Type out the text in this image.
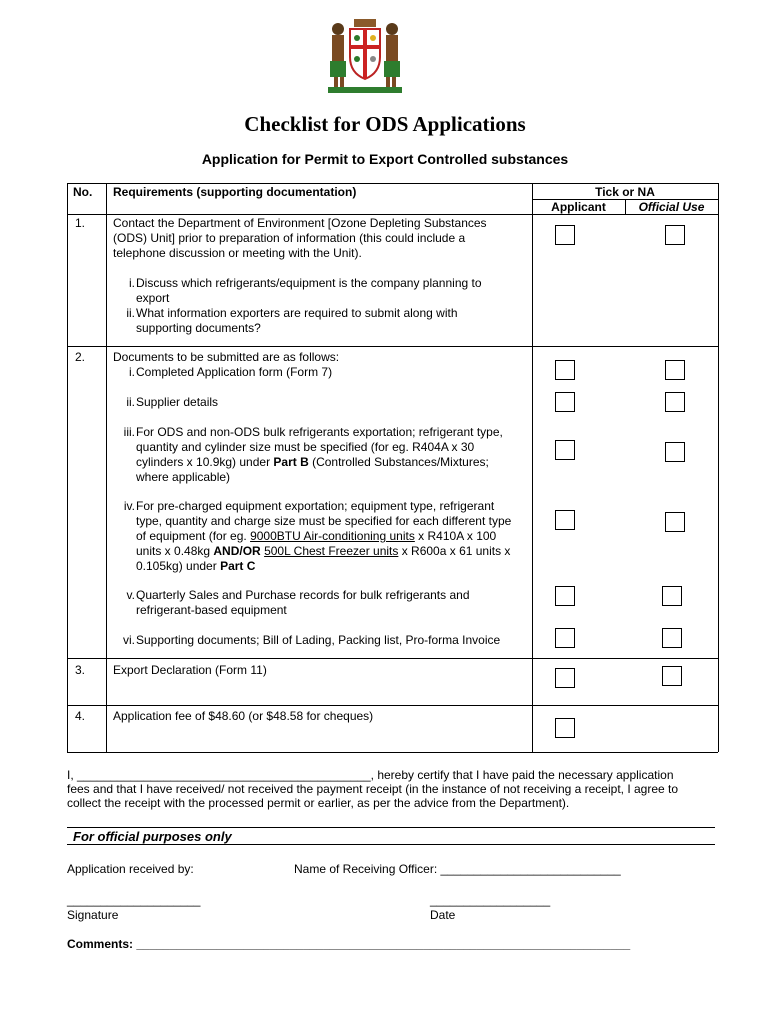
Checklist for ODS Applications
Application for Permit to Export Controlled substances
No. Requirements (supporting documentation)	Tick or NA
Applicant	Official Use
1. Contact the Department of Environment [Ozone Depleting Substances (ODS) Unit] prior to preparation of information (this could include a telephone discussion or meeting with the Unit).
i. Discuss which refrigerants/equipment is the company planning to export
ii. What information exporters are required to submit along with supporting documents?
2. Documents to be submitted are as follows:
i. Completed Application form (Form 7)
ii. Supplier details
iii. For ODS and non-ODS bulk refrigerants exportation; refrigerant type, quantity and cylinder size must be specified (for eg. R404A x 30 cylinders x 10.9kg) under Part B (Controlled Substances/Mixtures; where applicable)
iv. For pre-charged equipment exportation; equipment type, refrigerant type, quantity and charge size must be specified for each different type of equipment (for eg. 9000BTU Air-conditioning units x R410A x 100 units x 0.48kg AND/OR 500L Chest Freezer units x R600a x 61 units x 0.105kg) under Part C
v. Quarterly Sales and Purchase records for bulk refrigerants and refrigerant-based equipment
vi. Supporting documents; Bill of Lading, Packing list, Pro-forma Invoice
3. Export Declaration (Form 11)
4. Application fee of $48.60 (or $48.58 for cheques)
I, ____________________________________________, hereby certify that I have paid the necessary application
fees and that I have received/ not received the payment receipt (in the instance of not receiving a receipt, I agree to
collect the receipt with the processed permit or earlier, as per the advice from the Department).
For official purposes only
Application received by:	Name of Receiving Officer: ___________________________
____________________
Signature
__________________
Date
Comments: __________________________________________________________________________
